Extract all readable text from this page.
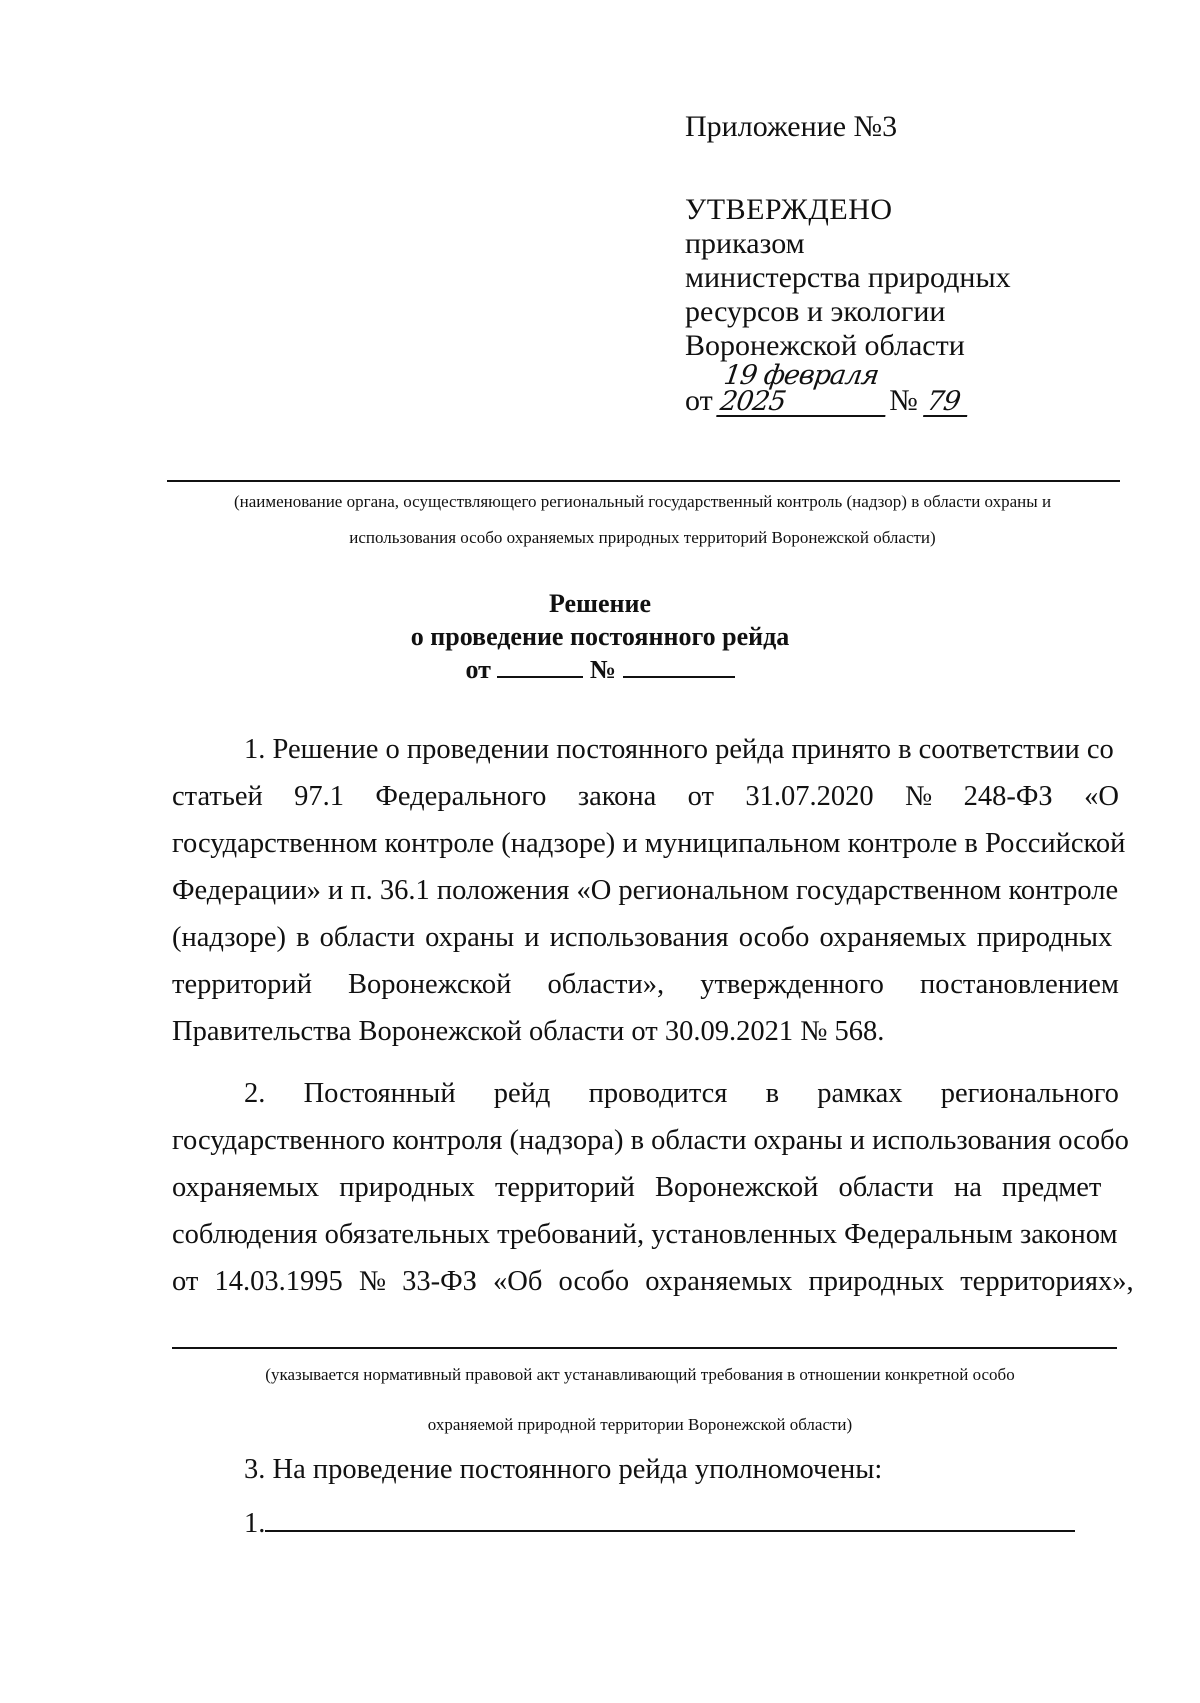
Приложение №3
УТВЕРЖДЕНО
приказом
министерства природных
ресурсов и экологии
Воронежской области
от 19 февраля 2025	№ 79
(наименование органа, осуществляющего региональный государственный контроль (надзор) в области охраны и
использования особо охраняемых природных территорий Воронежской области)
Решение
о проведение постоянного рейда
от	№
1. Решение о проведении постоянного рейда принято в соответствии со
статьей 97.1 Федерального закона от 31.07.2020 № 248-ФЗ «О
государственном контроле (надзоре) и муниципальном контроле в Российской
Федерации» и п. 36.1 положения «О региональном государственном контроле
(надзоре) в области охраны и использования особо охраняемых природных
территорий Воронежской области», утвержденного постановлением
Правительства Воронежской области от 30.09.2021 № 568.
2. Постоянный рейд проводится в рамках регионального
государственного контроля (надзора) в области охраны и использования особо
охраняемых природных территорий Воронежской области на предмет
соблюдения обязательных требований, установленных Федеральным законом
от 14.03.1995 № 33-ФЗ «Об особо охраняемых природных территориях»,
(указывается нормативный правовой акт устанавливающий требования в отношении конкретной особо
охраняемой природной территории Воронежской области)
3. На проведение постоянного рейда уполномочены:
1.
